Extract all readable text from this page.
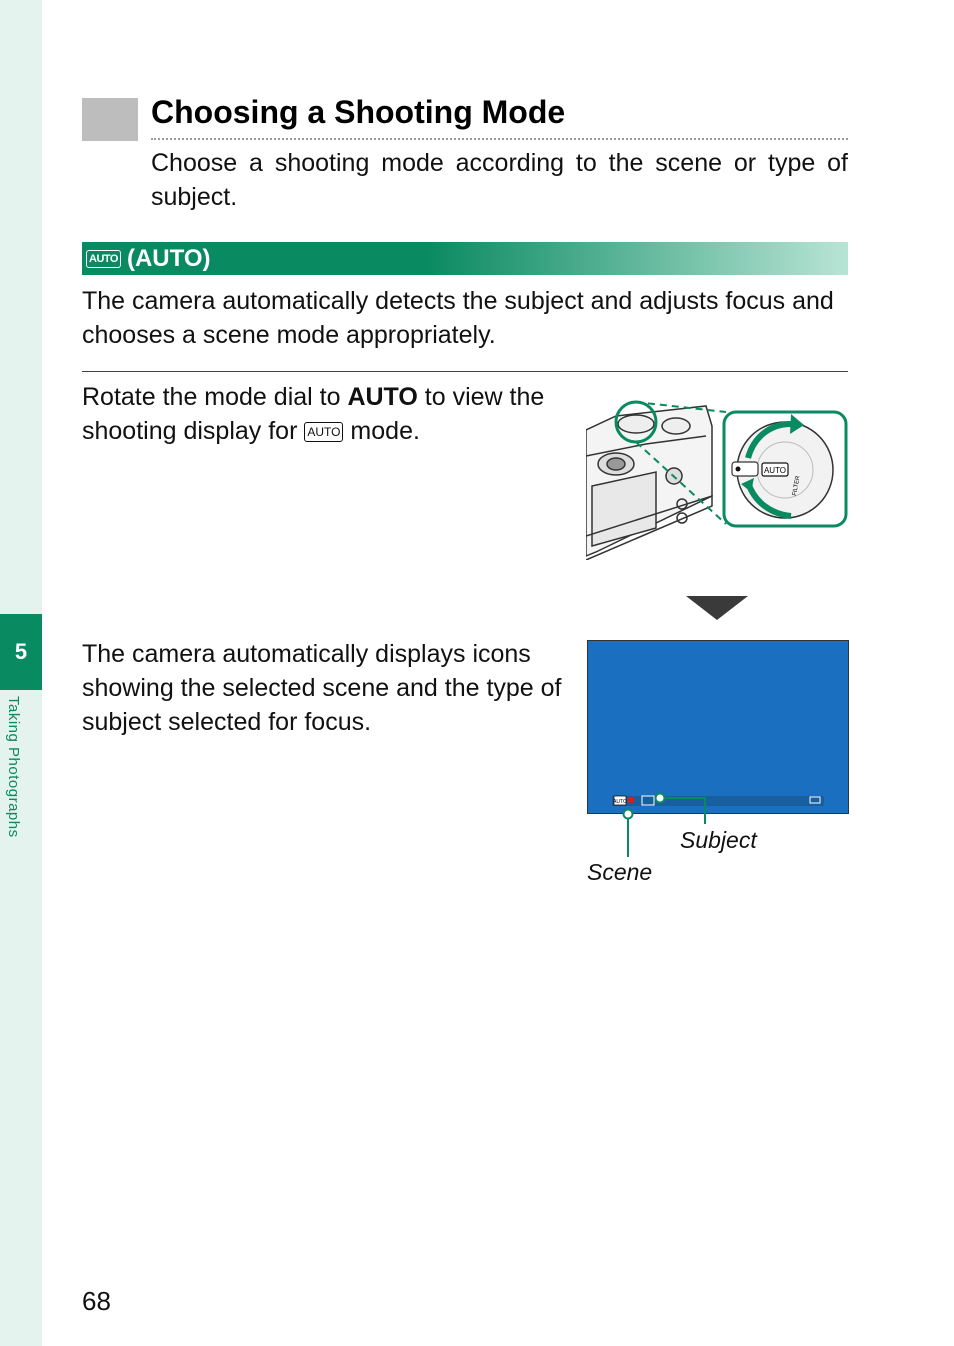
5
Taking Photographs
Choosing a Shooting Mode
Choose a shooting mode according to the scene or type of subject.
AUTO (AUTO)
The camera automatically detects the subject and adjusts focus and chooses a scene mode appropriately.
Rotate the mode dial to AUTO to view the shooting display for AUTO mode.
AUTO
FILTER
The camera automatically displays icons showing the selected scene and the type of subject selected for focus.
AUTO
Subject
Scene
68
